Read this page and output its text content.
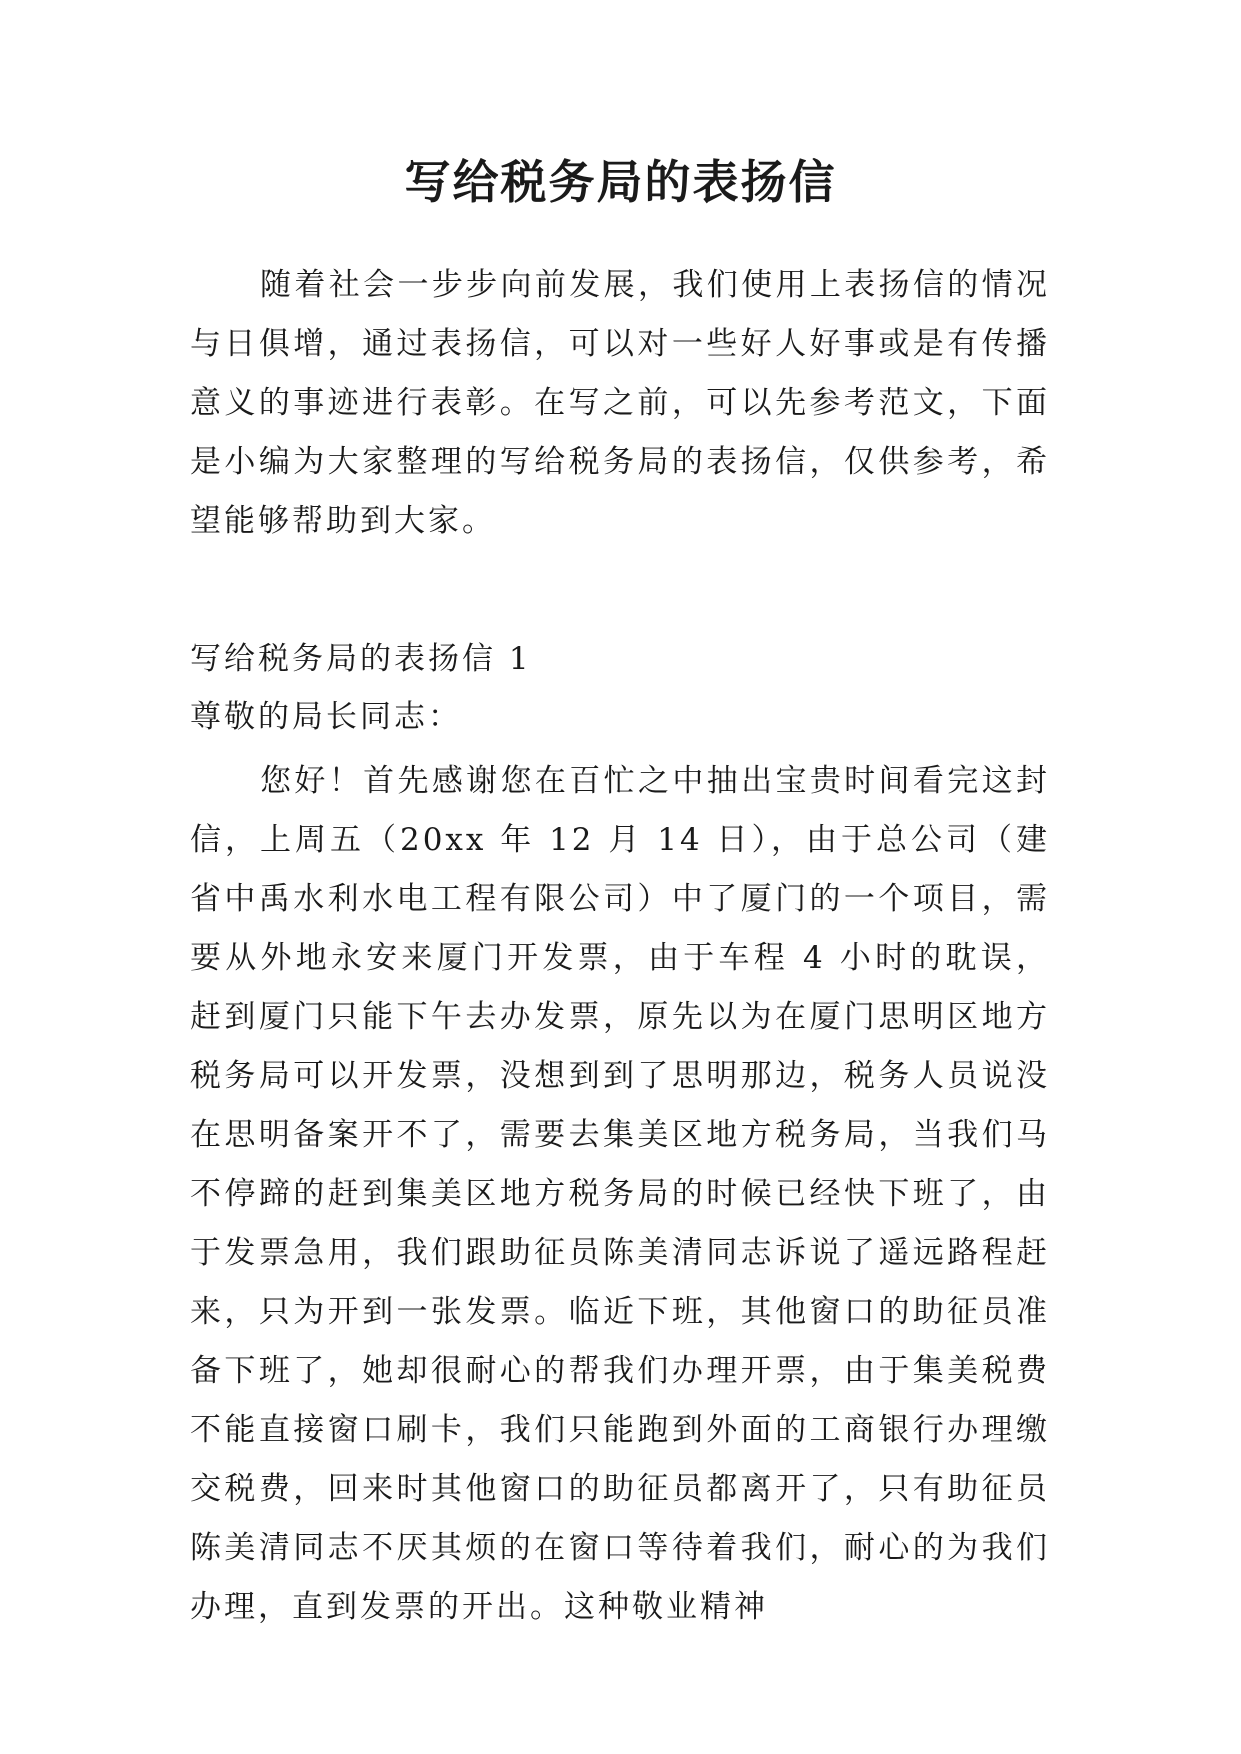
写给税务局的表扬信
随着社会一步步向前发展，我们使用上表扬信的情况与日俱增，通过表扬信，可以对一些好人好事或是有传播意义的事迹进行表彰。在写之前，可以先参考范文，下面是小编为大家整理的写给税务局的表扬信，仅供参考，希望能够帮助到大家。
写给税务局的表扬信 1
尊敬的局长同志：
您好！首先感谢您在百忙之中抽出宝贵时间看完这封信，上周五（20xx 年 12 月 14 日），由于总公司（建省中禹水利水电工程有限公司）中了厦门的一个项目，需要从外地永安来厦门开发票，由于车程 4 小时的耽误，赶到厦门只能下午去办发票，原先以为在厦门思明区地方税务局可以开发票，没想到到了思明那边，税务人员说没在思明备案开不了，需要去集美区地方税务局，当我们马不停蹄的赶到集美区地方税务局的时候已经快下班了，由于发票急用，我们跟助征员陈美清同志诉说了遥远路程赶来，只为开到一张发票。临近下班，其他窗口的助征员准备下班了，她却很耐心的帮我们办理开票，由于集美税费不能直接窗口刷卡，我们只能跑到外面的工商银行办理缴交税费，回来时其他窗口的助征员都离开了，只有助征员陈美清同志不厌其烦的在窗口等待着我们，耐心的为我们办理，直到发票的开出。这种敬业精神
